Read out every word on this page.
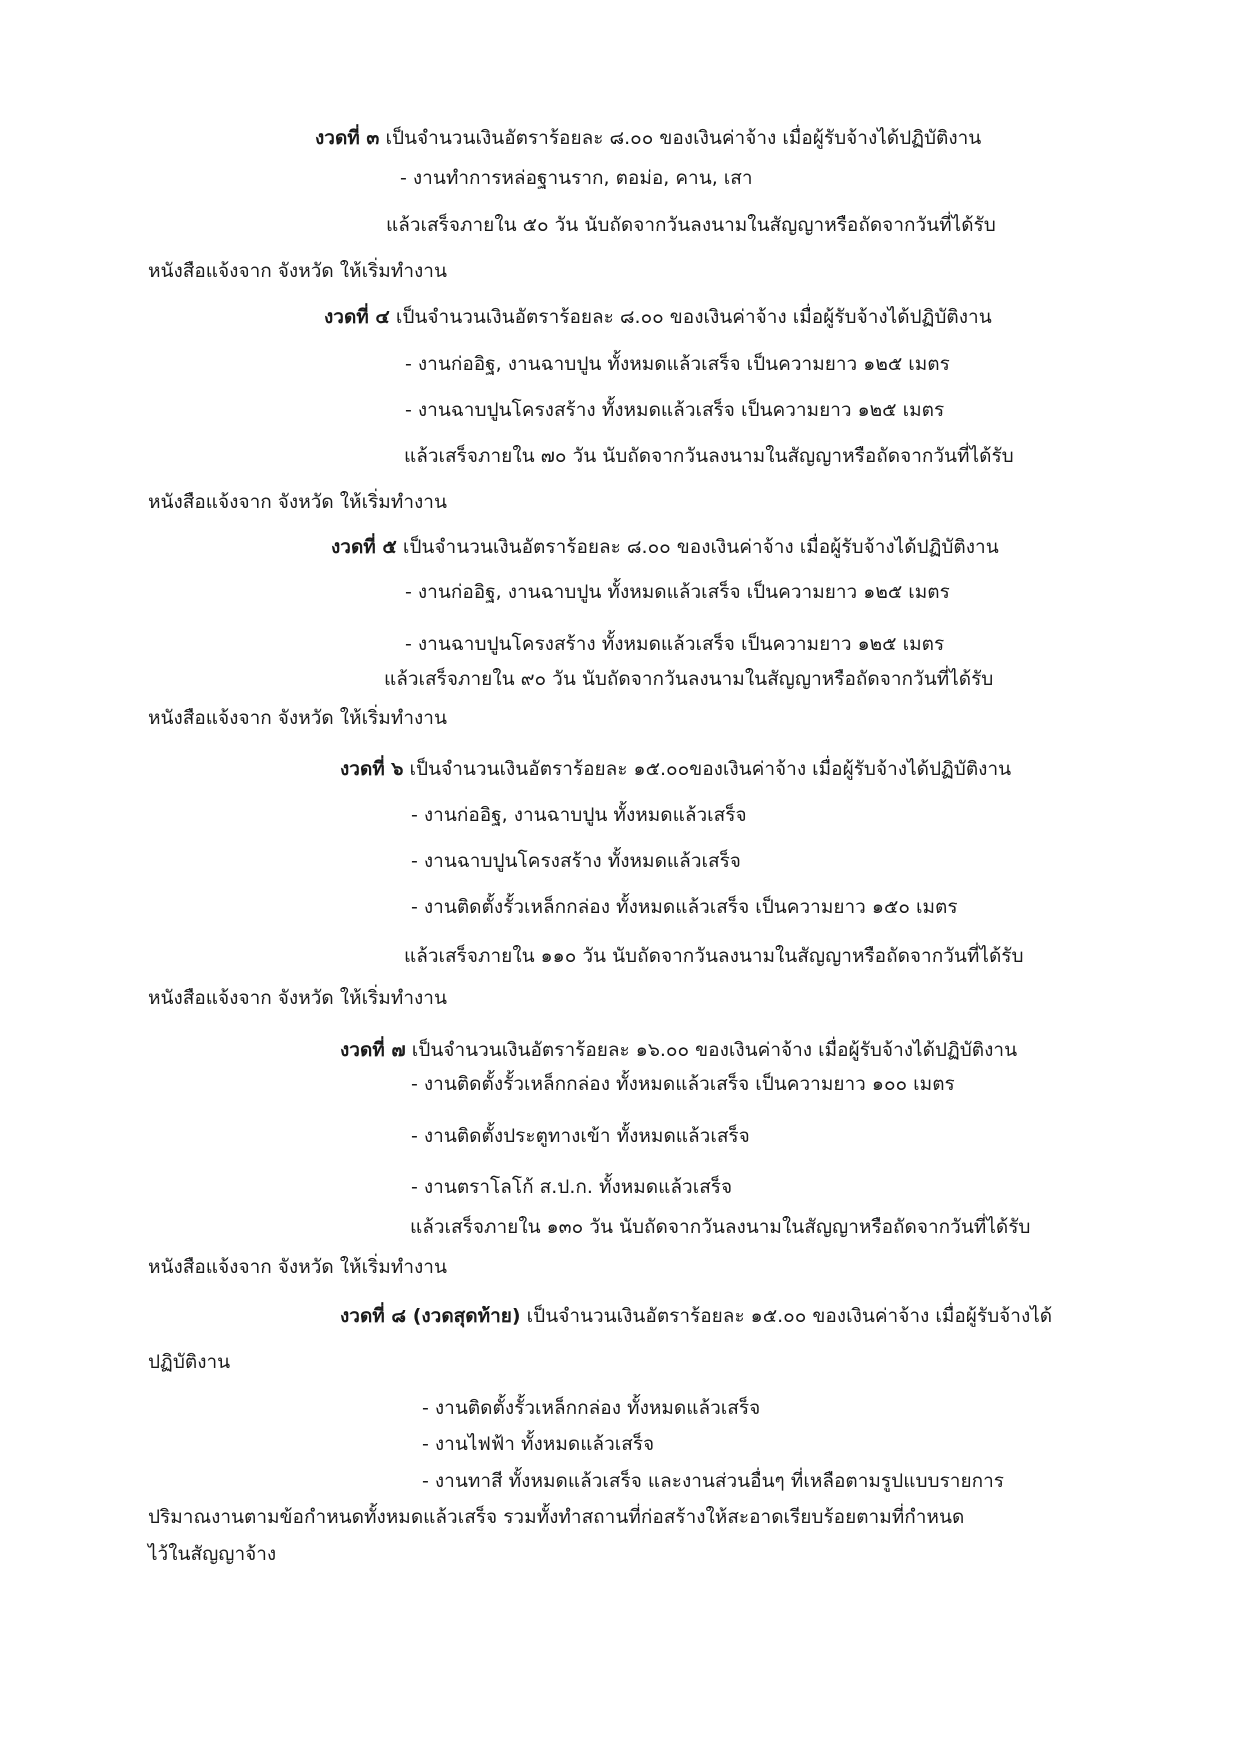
งวดที่ ๓ เป็นจำนวนเงินอัตราร้อยละ ๘.๐๐ ของเงินค่าจ้าง เมื่อผู้รับจ้างได้ปฏิบัติงาน
- งานทำการหล่อฐานราก, ตอม่อ, คาน, เสา
แล้วเสร็จภายใน ๕๐ วัน นับถัดจากวันลงนามในสัญญาหรือถัดจากวันที่ได้รับ
หนังสือแจ้งจาก จังหวัด ให้เริ่มทำงาน
งวดที่ ๔ เป็นจำนวนเงินอัตราร้อยละ ๘.๐๐ ของเงินค่าจ้าง เมื่อผู้รับจ้างได้ปฏิบัติงาน
- งานก่ออิฐ, งานฉาบปูน ทั้งหมดแล้วเสร็จ เป็นความยาว ๑๒๕ เมตร
- งานฉาบปูนโครงสร้าง ทั้งหมดแล้วเสร็จ เป็นความยาว ๑๒๕ เมตร
แล้วเสร็จภายใน ๗๐ วัน นับถัดจากวันลงนามในสัญญาหรือถัดจากวันที่ได้รับ
หนังสือแจ้งจาก จังหวัด ให้เริ่มทำงาน
งวดที่ ๕ เป็นจำนวนเงินอัตราร้อยละ ๘.๐๐ ของเงินค่าจ้าง เมื่อผู้รับจ้างได้ปฏิบัติงาน
- งานก่ออิฐ, งานฉาบปูน ทั้งหมดแล้วเสร็จ เป็นความยาว ๑๒๕ เมตร
- งานฉาบปูนโครงสร้าง ทั้งหมดแล้วเสร็จ เป็นความยาว ๑๒๕ เมตร
แล้วเสร็จภายใน ๙๐ วัน นับถัดจากวันลงนามในสัญญาหรือถัดจากวันที่ได้รับ
หนังสือแจ้งจาก จังหวัด ให้เริ่มทำงาน
งวดที่ ๖ เป็นจำนวนเงินอัตราร้อยละ ๑๕.๐๐ของเงินค่าจ้าง เมื่อผู้รับจ้างได้ปฏิบัติงาน
- งานก่ออิฐ, งานฉาบปูน ทั้งหมดแล้วเสร็จ
- งานฉาบปูนโครงสร้าง ทั้งหมดแล้วเสร็จ
- งานติดตั้งรั้วเหล็กกล่อง ทั้งหมดแล้วเสร็จ เป็นความยาว ๑๕๐ เมตร
แล้วเสร็จภายใน ๑๑๐ วัน นับถัดจากวันลงนามในสัญญาหรือถัดจากวันที่ได้รับ
หนังสือแจ้งจาก จังหวัด ให้เริ่มทำงาน
งวดที่ ๗ เป็นจำนวนเงินอัตราร้อยละ ๑๖.๐๐ ของเงินค่าจ้าง เมื่อผู้รับจ้างได้ปฏิบัติงาน
- งานติดตั้งรั้วเหล็กกล่อง ทั้งหมดแล้วเสร็จ เป็นความยาว ๑๐๐ เมตร
- งานติดตั้งประตูทางเข้า ทั้งหมดแล้วเสร็จ
- งานตราโลโก้ ส.ป.ก. ทั้งหมดแล้วเสร็จ
แล้วเสร็จภายใน ๑๓๐ วัน นับถัดจากวันลงนามในสัญญาหรือถัดจากวันที่ได้รับ
หนังสือแจ้งจาก จังหวัด ให้เริ่มทำงาน
งวดที่ ๘ (งวดสุดท้าย) เป็นจำนวนเงินอัตราร้อยละ ๑๕.๐๐ ของเงินค่าจ้าง เมื่อผู้รับจ้างได้
ปฏิบัติงาน
- งานติดตั้งรั้วเหล็กกล่อง ทั้งหมดแล้วเสร็จ
- งานไฟฟ้า ทั้งหมดแล้วเสร็จ
- งานทาสี ทั้งหมดแล้วเสร็จ และงานส่วนอื่นๆ ที่เหลือตามรูปแบบรายการ
ปริมาณงานตามข้อกำหนดทั้งหมดแล้วเสร็จ รวมทั้งทำสถานที่ก่อสร้างให้สะอาดเรียบร้อยตามที่กำหนด
ไว้ในสัญญาจ้าง
